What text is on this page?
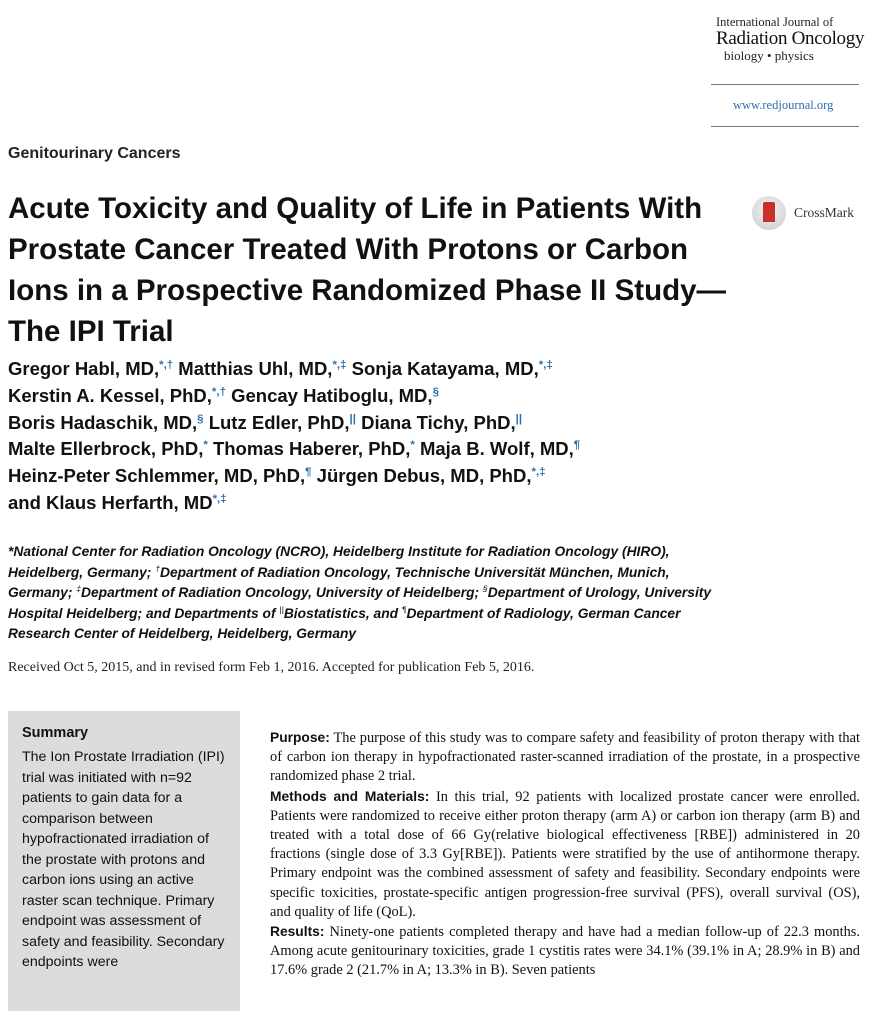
International Journal of
Radiation Oncology
biology • physics
www.redjournal.org
Genitourinary Cancers
Acute Toxicity and Quality of Life in Patients With Prostate Cancer Treated With Protons or Carbon Ions in a Prospective Randomized Phase II Study—The IPI Trial
CrossMark
Gregor Habl, MD,*,† Matthias Uhl, MD,*,‡ Sonja Katayama, MD,*,‡
Kerstin A. Kessel, PhD,*,† Gencay Hatiboglu, MD,§
Boris Hadaschik, MD,§ Lutz Edler, PhD,|| Diana Tichy, PhD,||
Malte Ellerbrock, PhD,* Thomas Haberer, PhD,* Maja B. Wolf, MD,¶
Heinz-Peter Schlemmer, MD, PhD,¶ Jürgen Debus, MD, PhD,*,‡
and Klaus Herfarth, MD*,‡
*National Center for Radiation Oncology (NCRO), Heidelberg Institute for Radiation Oncology (HIRO), Heidelberg, Germany; †Department of Radiation Oncology, Technische Universität München, Munich, Germany; ‡Department of Radiation Oncology, University of Heidelberg; §Department of Urology, University Hospital Heidelberg; and Departments of ||Biostatistics, and ¶Department of Radiology, German Cancer Research Center of Heidelberg, Heidelberg, Germany
Received Oct 5, 2015, and in revised form Feb 1, 2016. Accepted for publication Feb 5, 2016.
Summary
The Ion Prostate Irradiation (IPI) trial was initiated with n=92 patients to gain data for a comparison between hypofractionated irradiation of the prostate with protons and carbon ions using an active raster scan technique. Primary endpoint was assessment of safety and feasibility. Secondary endpoints were

Purpose: The purpose of this study was to compare safety and feasibility of proton therapy with that of carbon ion therapy in hypofractionated raster-scanned irradiation of the prostate, in a prospective randomized phase 2 trial.

Methods and Materials: In this trial, 92 patients with localized prostate cancer were enrolled. Patients were randomized to receive either proton therapy (arm A) or carbon ion therapy (arm B) and treated with a total dose of 66 Gy(relative biological effectiveness [RBE]) administered in 20 fractions (single dose of 3.3 Gy[RBE]). Patients were stratified by the use of antihormone therapy. Primary endpoint was the combined assessment of safety and feasibility. Secondary endpoints were specific toxicities, prostate-specific antigen progression-free survival (PFS), overall survival (OS), and quality of life (QoL).

Results: Ninety-one patients completed therapy and have had a median follow-up of 22.3 months. Among acute genitourinary toxicities, grade 1 cystitis rates were 34.1% (39.1% in A; 28.9% in B) and 17.6% grade 2 (21.7% in A; 13.3% in B). Seven patients
